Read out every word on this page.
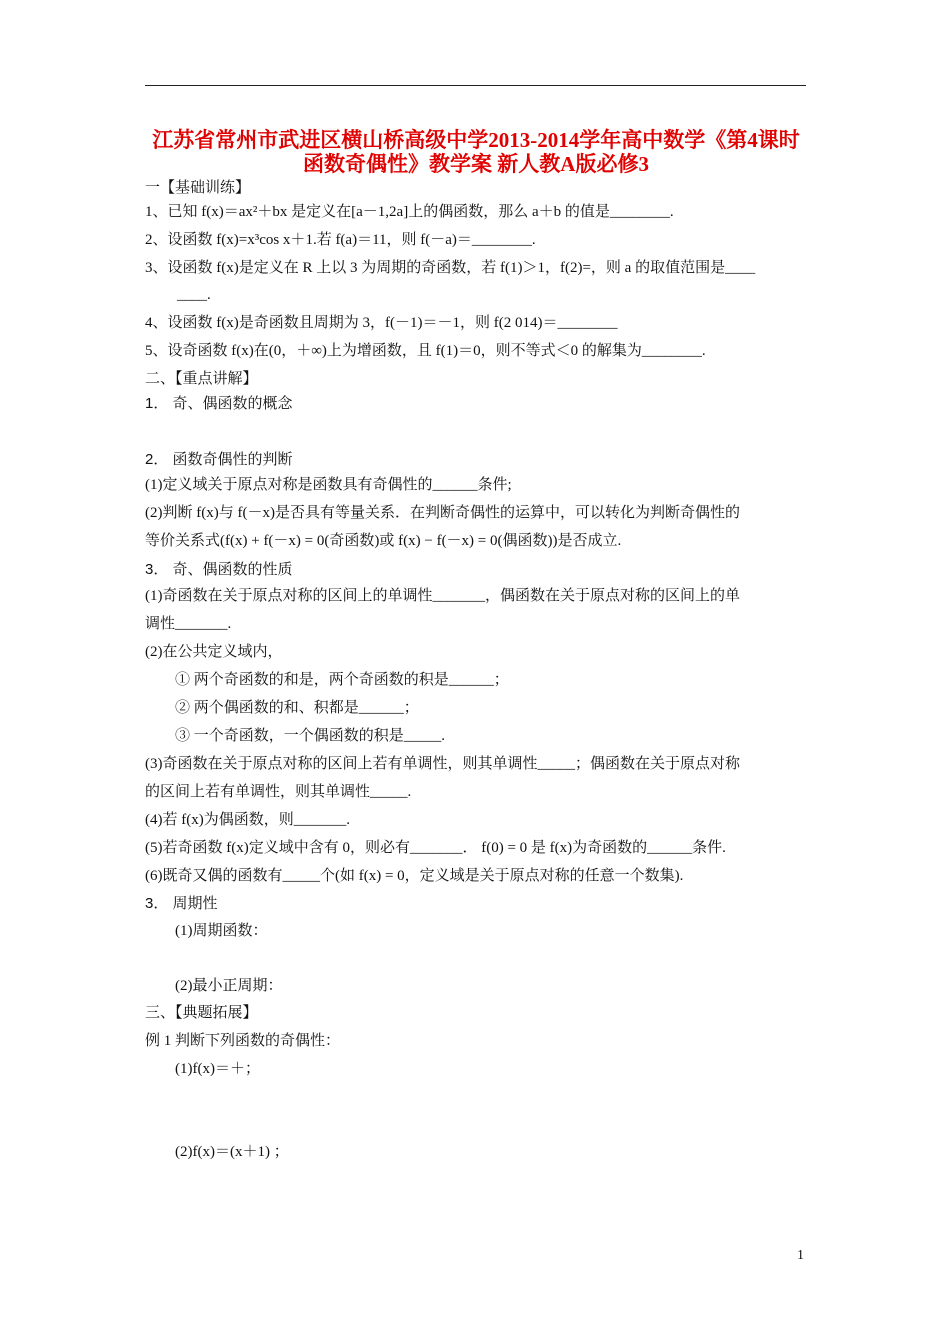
江苏省常州市武进区横山桥高级中学2013-2014学年高中数学《第4课时 函数奇偶性》教学案 新人教A版必修3
一【基础训练】
1、已知 f(x)＝ax²＋bx 是定义在[a－1,2a]上的偶函数，那么 a＋b 的值是________.
2、设函数 f(x)=x³cos x＋1.若 f(a)＝11，则 f(－a)＝________.
3、设函数 f(x)是定义在 R 上以 3 为周期的奇函数，若 f(1)＞1，f(2)=，则 a 的取值范围是____
____.
4、设函数 f(x)是奇函数且周期为 3，f(－1)＝－1，则 f(2 014)＝________
5、设奇函数 f(x)在(0，＋∞)上为增函数，且 f(1)＝0，则不等式＜0 的解集为________.
二、【重点讲解】
1． 奇、偶函数的概念
2． 函数奇偶性的判断
(1)定义域关于原点对称是函数具有奇偶性的______条件;
(2)判断 f(x)与 f(－x)是否具有等量关系．在判断奇偶性的运算中，可以转化为判断奇偶性的
等价关系式(f(x) + f(－x) = 0(奇函数)或 f(x) − f(－x) = 0(偶函数))是否成立.
3． 奇、偶函数的性质
(1)奇函数在关于原点对称的区间上的单调性_______，偶函数在关于原点对称的区间上的单
调性_______.
(2)在公共定义域内，
① 两个奇函数的和是，两个奇函数的积是______；
② 两个偶函数的和、积都是______；
③ 一个奇函数，一个偶函数的积是_____.
(3)奇函数在关于原点对称的区间上若有单调性，则其单调性_____；偶函数在关于原点对称
的区间上若有单调性，则其单调性_____.
(4)若 f(x)为偶函数，则_______.
(5)若奇函数 f(x)定义域中含有 0，则必有_______． f(0) = 0 是 f(x)为奇函数的______条件.
(6)既奇又偶的函数有_____个(如 f(x) = 0，定义域是关于原点对称的任意一个数集).
3． 周期性
(1)周期函数：
(2)最小正周期：
三、【典题拓展】
例 1 判断下列函数的奇偶性：
(1)f(x)＝＋；
(2)f(x)＝(x＋1) ；
1
